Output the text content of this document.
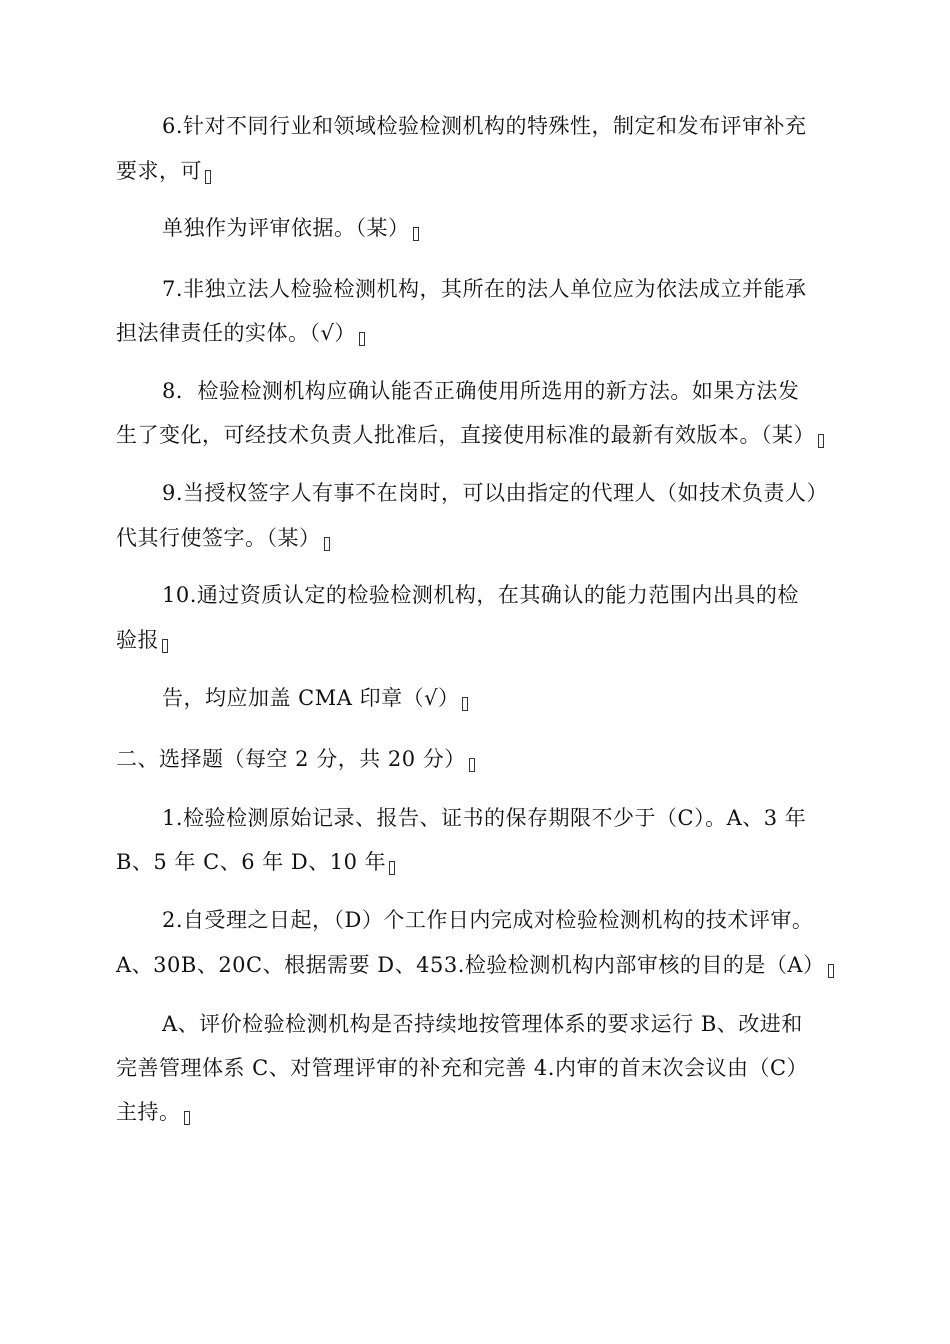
6.针对不同行业和领域检验检测机构的特殊性，制定和发布评审补充
要求，可
单独作为评审依据。（某）
7.非独立法人检验检测机构，其所在的法人单位应为依法成立并能承
担法律责任的实体。（√）
8．检验检测机构应确认能否正确使用所选用的新方法。如果方法发
生了变化，可经技术负责人批准后，直接使用标准的最新有效版本。（某）
9.当授权签字人有事不在岗时，可以由指定的代理人（如技术负责人）
代其行使签字。（某）
10.通过资质认定的检验检测机构，在其确认的能力范围内出具的检
验报
告，均应加盖 CMA 印章（√）
二、选择题（每空 2 分，共 20 分）
1.检验检测原始记录、报告、证书的保存期限不少于（C）。A、3 年
B、5 年 C、6 年 D、10 年
2.自受理之日起，（D）个工作日内完成对检验检测机构的技术评审。
A、30B、20C、根据需要 D、453.检验检测机构内部审核的目的是（A）
A、评价检验检测机构是否持续地按管理体系的要求运行 B、改进和
完善管理体系 C、对管理评审的补充和完善 4.内审的首末次会议由（C）
主持。
